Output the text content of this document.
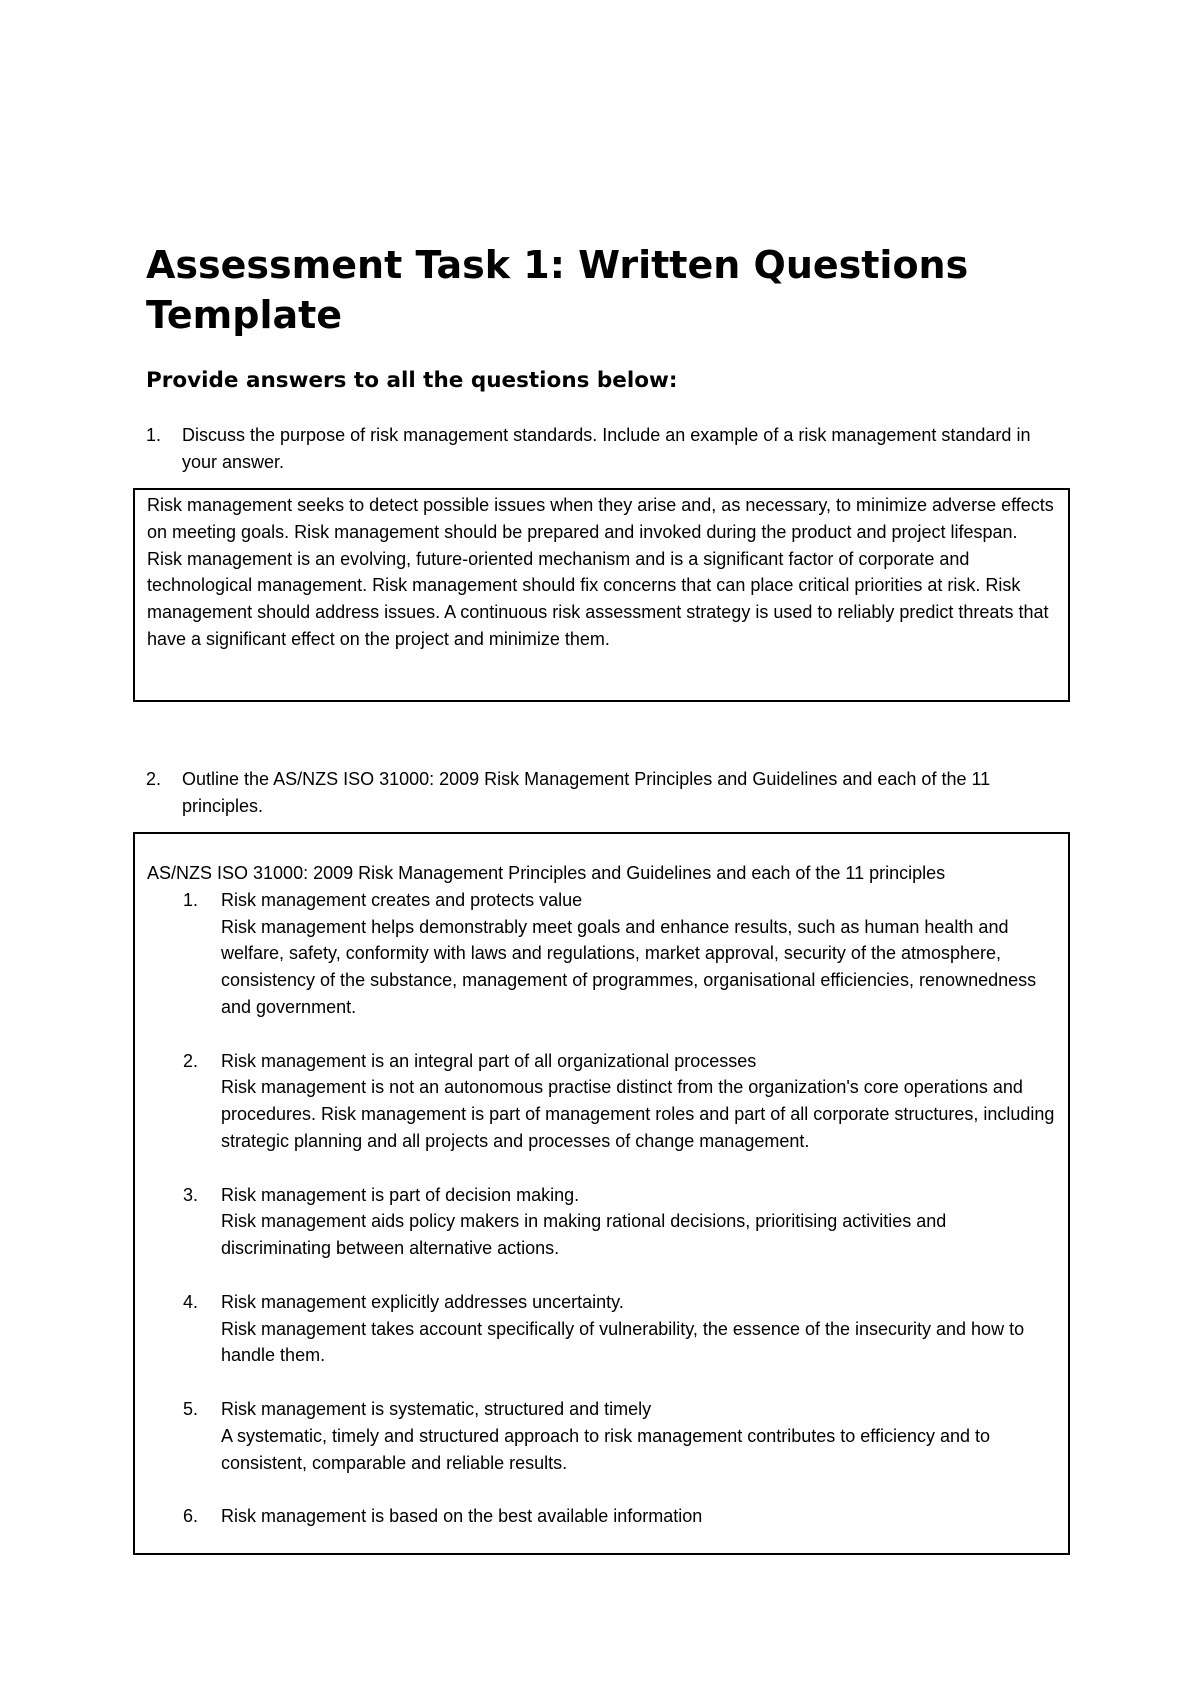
Assessment Task 1: Written Questions Template
Provide answers to all the questions below:
1.	Discuss the purpose of risk management standards. Include an example of a risk management standard in your answer.

Risk management seeks to detect possible issues when they arise and, as necessary, to minimize adverse effects on meeting goals. Risk management should be prepared and invoked during the product and project lifespan.

Risk management is an evolving, future-oriented mechanism and is a significant factor of corporate and technological management. Risk management should fix concerns that can place critical priorities at risk. Risk management should address issues. A continuous risk assessment strategy is used to reliably predict threats that have a significant effect on the project and minimize them.

2.	Outline the AS/NZS ISO 31000: 2009 Risk Management Principles and Guidelines and each of the 11 principles.

AS/NZS ISO 31000: 2009 Risk Management Principles and Guidelines and each of the 11 principles

1. Risk management creates and protects value
Risk management helps demonstrably meet goals and enhance results, such as human health and welfare, safety, conformity with laws and regulations, market approval, security of the atmosphere, consistency of the substance, management of programmes, organisational efficiencies, renownedness and government.
2. Risk management is an integral part of all organizational processes
Risk management is not an autonomous practise distinct from the organization's core operations and procedures. Risk management is part of management roles and part of all corporate structures, including strategic planning and all projects and processes of change management.
3. Risk management is part of decision making.
Risk management aids policy makers in making rational decisions, prioritising activities and discriminating between alternative actions.
4. Risk management explicitly addresses uncertainty.
Risk management takes account specifically of vulnerability, the essence of the insecurity and how to handle them.
5. Risk management is systematic, structured and timely
A systematic, timely and structured approach to risk management contributes to efficiency and to consistent, comparable and reliable results.
6. Risk management is based on the best available information
